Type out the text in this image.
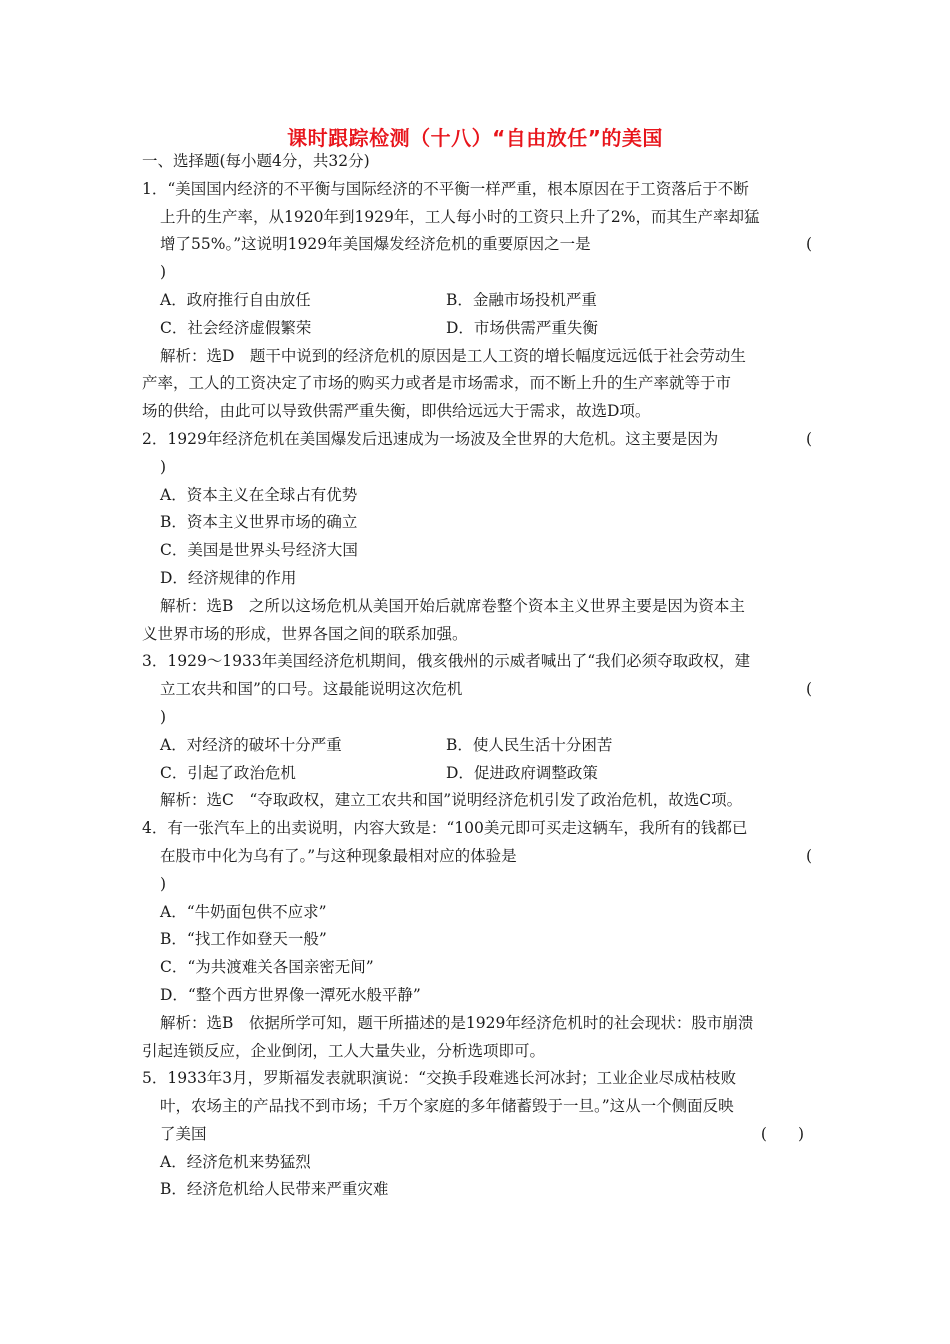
课时跟踪检测（十八）“自由放任”的美国
一、选择题(每小题4分，共32分)
1．“美国国内经济的不平衡与国际经济的不平衡一样严重，根本原因在于工资落后于不断
上升的生产率，从1920年到1929年，工人每小时的工资只上升了2%，而其生产率却猛
增了55%。”这说明1929年美国爆发经济危机的重要原因之一是	(
)
A．政府推行自由放任	B．金融市场投机严重
C．社会经济虚假繁荣	D．市场供需严重失衡
解析：选D　题干中说到的经济危机的原因是工人工资的增长幅度远远低于社会劳动生
产率，工人的工资决定了市场的购买力或者是市场需求，而不断上升的生产率就等于市
场的供给，由此可以导致供需严重失衡，即供给远远大于需求，故选D项。
2．1929年经济危机在美国爆发后迅速成为一场波及全世界的大危机。这主要是因为	(
)
A．资本主义在全球占有优势
B．资本主义世界市场的确立
C．美国是世界头号经济大国
D．经济规律的作用
解析：选B　之所以这场危机从美国开始后就席卷整个资本主义世界主要是因为资本主
义世界市场的形成，世界各国之间的联系加强。
3．1929～1933年美国经济危机期间，俄亥俄州的示威者喊出了“我们必须夺取政权，建
立工农共和国”的口号。这最能说明这次危机	(
)
A．对经济的破坏十分严重	B．使人民生活十分困苦
C．引起了政治危机	D．促进政府调整政策
解析：选C　“夺取政权，建立工农共和国”说明经济危机引发了政治危机，故选C项。
4．有一张汽车上的出卖说明，内容大致是：“100美元即可买走这辆车，我所有的钱都已
在股市中化为乌有了。”与这种现象最相对应的体验是	(
)
A．“牛奶面包供不应求”
B．“找工作如登天一般”
C．“为共渡难关各国亲密无间”
D．“整个西方世界像一潭死水般平静”
解析：选B　依据所学可知，题干所描述的是1929年经济危机时的社会现状：股市崩溃
引起连锁反应，企业倒闭，工人大量失业，分析选项即可。
5．1933年3月，罗斯福发表就职演说：“交换手段难逃长河冰封；工业企业尽成枯枝败
叶，农场主的产品找不到市场；千万个家庭的多年储蓄毁于一旦。”这从一个侧面反映
了美国	(　　)
A．经济危机来势猛烈
B．经济危机给人民带来严重灾难
